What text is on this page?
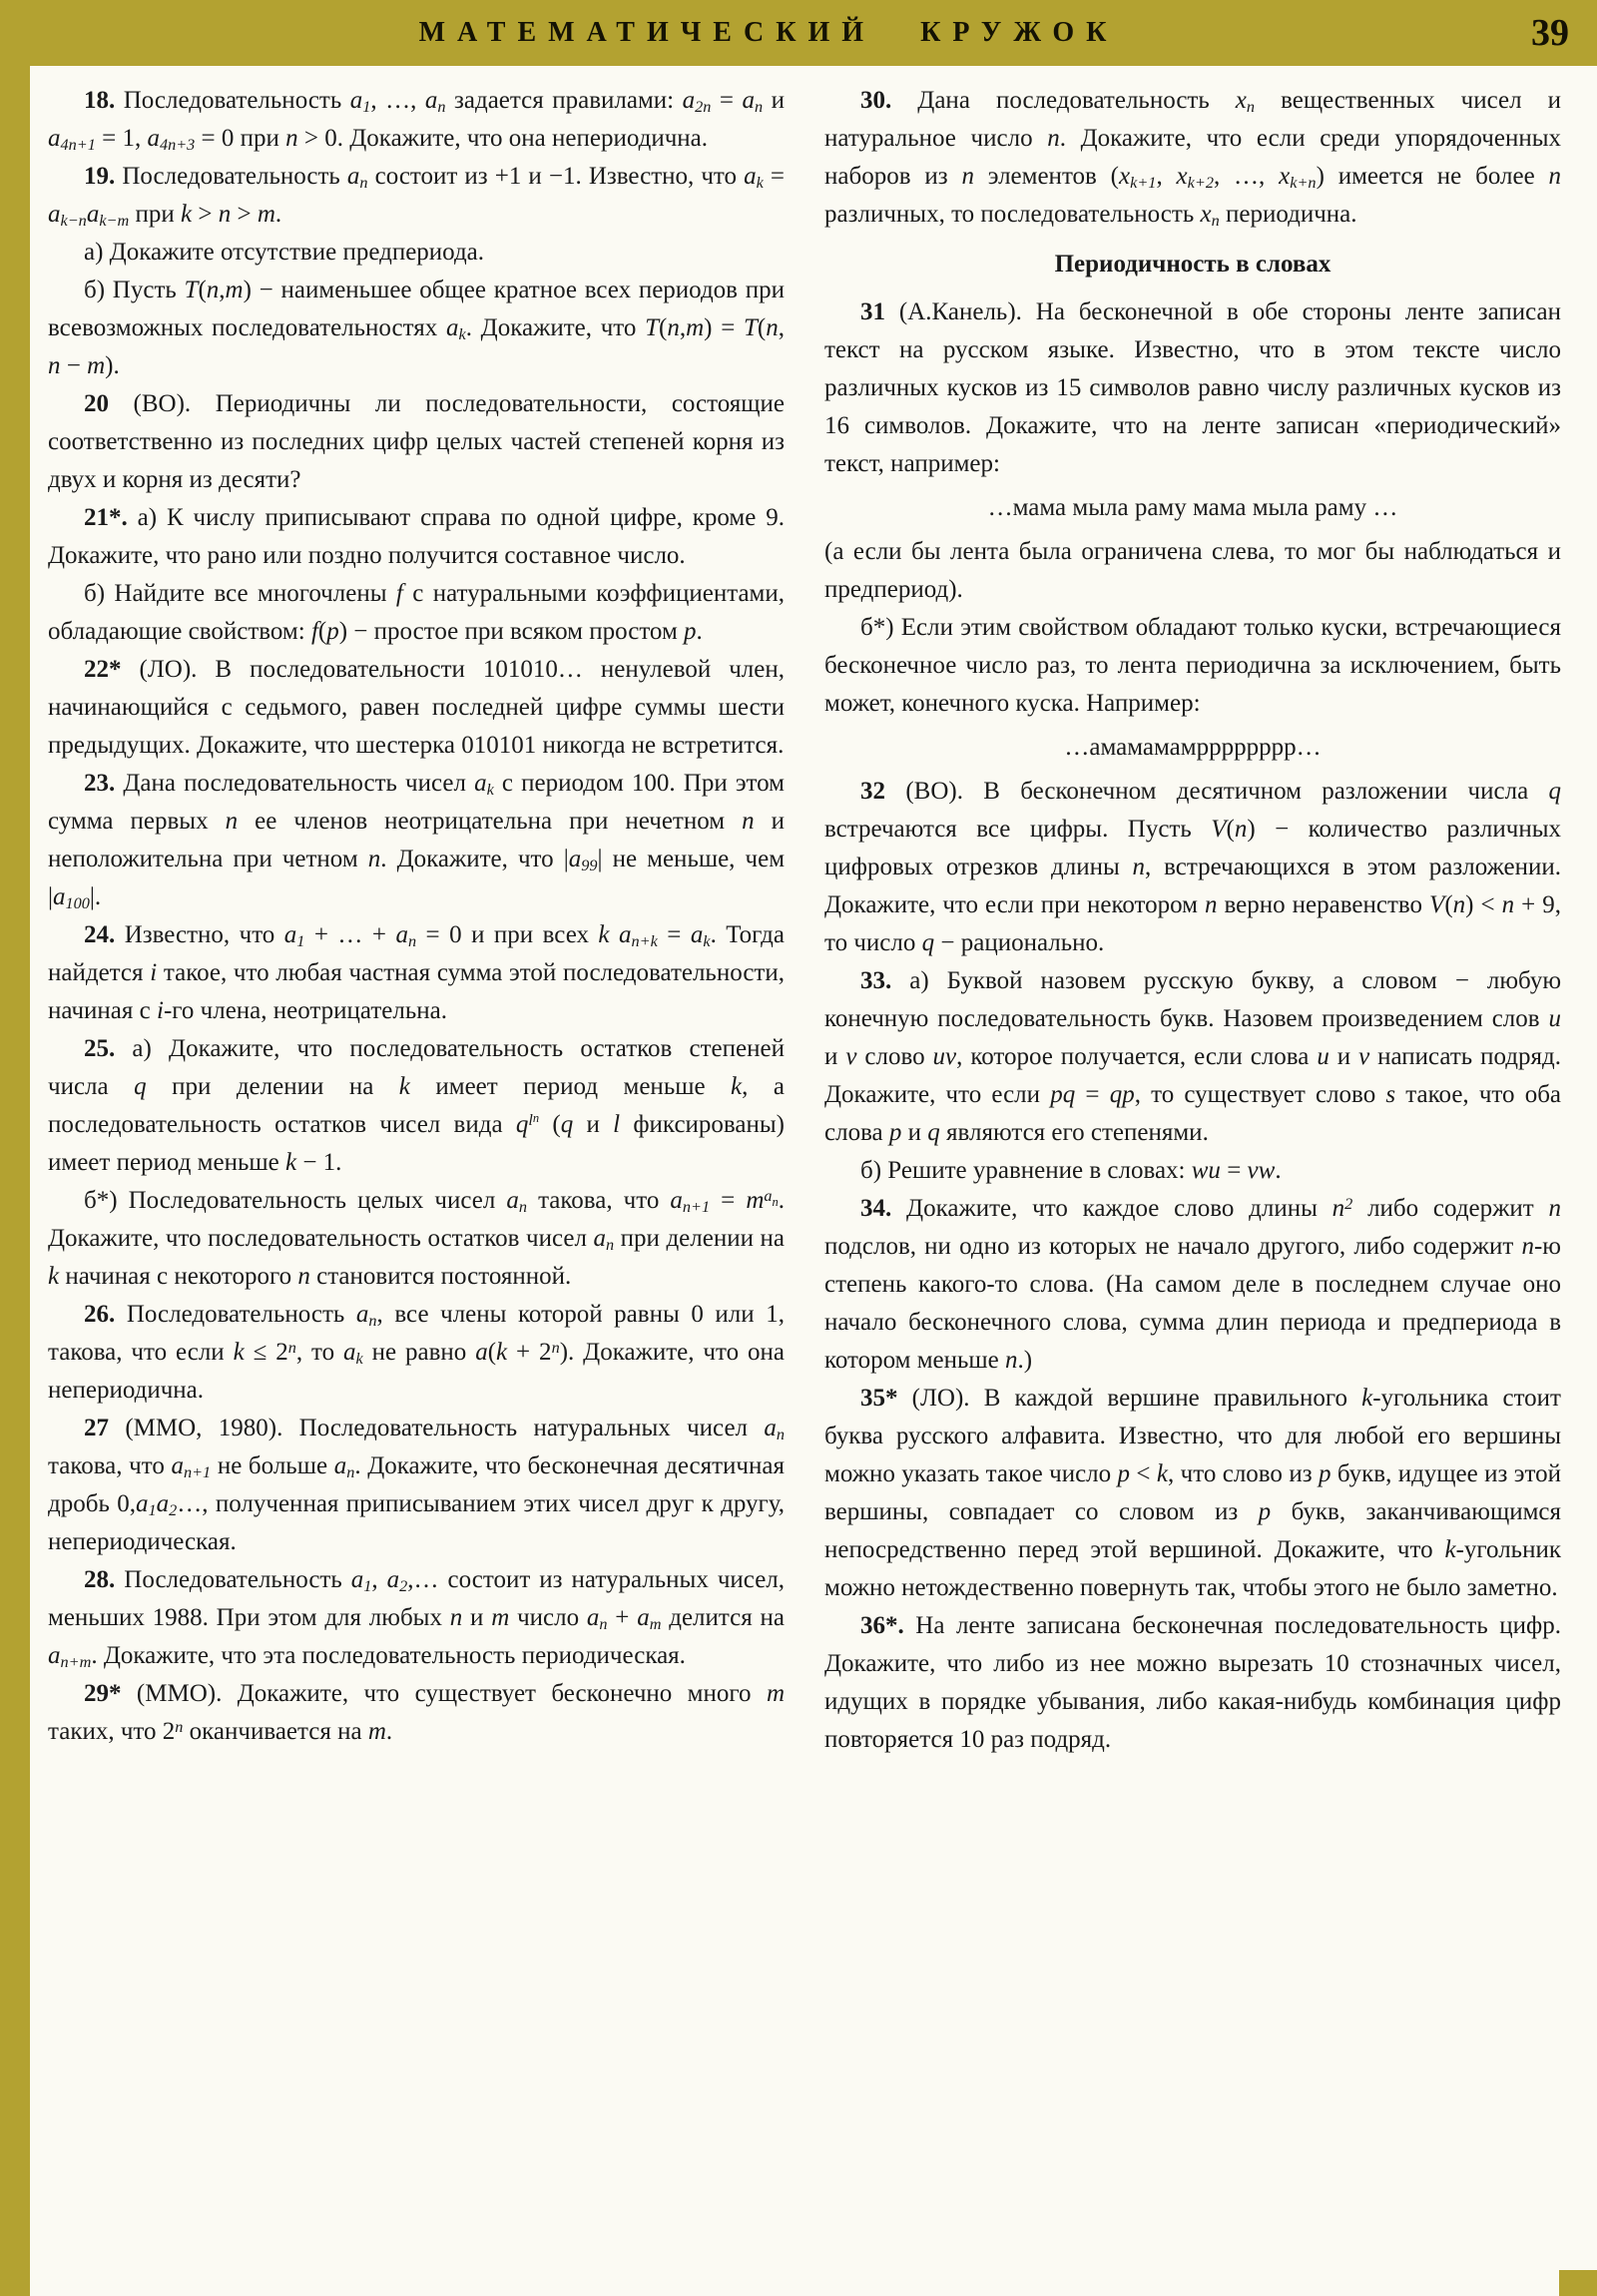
МАТЕМАТИЧЕСКИЙ КРУЖОК	39
18. Последовательность a1, …, an задается правилами: a2n = an и a4n+1 = 1, a4n+3 = 0 при n > 0. Докажите, что она непериодична.
19. Последовательность an состоит из +1 и −1. Известно, что ak = ak−nak−m при k > n > m.
а) Докажите отсутствие предпериода.
б) Пусть T(n,m) − наименьшее общее кратное всех периодов при всевозможных последовательностях ak. Докажите, что T(n,m) = T(n, n − m).
20 (ВО). Периодичны ли последовательности, состоящие соответственно из последних цифр целых частей степеней корня из двух и корня из десяти?
21*. а) К числу приписывают справа по одной цифре, кроме 9. Докажите, что рано или поздно получится составное число.
б) Найдите все многочлены f с натуральными коэффициентами, обладающие свойством: f(p) − простое при всяком простом p.
22* (ЛО). В последовательности 101010… ненулевой член, начинающийся с седьмого, равен последней цифре суммы шести предыдущих. Докажите, что шестерка 010101 никогда не встретится.
23. Дана последовательность чисел ak с периодом 100. При этом сумма первых n ее членов неотрицательна при нечетном n и неположительна при четном n. Докажите, что |a99| не меньше, чем |a100|.
24. Известно, что a1 + … + an = 0 и при всех k an+k = ak. Тогда найдется i такое, что любая частная сумма этой последовательности, начиная с i-го члена, неотрицательна.
25. а) Докажите, что последовательность остатков степеней числа q при делении на k имеет период меньше k, а последовательность остатков чисел вида $q^{ln}$ (q и l фиксированы) имеет период меньше k − 1.
б*) Последовательность целых чисел an такова, что $an+1 = m^an$. Докажите, что последовательность остатков чисел an при делении на k начиная с некоторого n становится постоянной.
26. Последовательность an, все члены которой равны 0 или 1, такова, что если $k \le 2^n$, то ak не равно $a(k + 2^n)$. Докажите, что она непериодична.
27 (ММО, 1980). Последовательность натуральных чисел an такова, что an+1 не больше an. Докажите, что бесконечная десятичная дробь 0,a1a2…, полученная приписыванием этих чисел друг к другу, непериодическая.
28. Последовательность a1, a2,… состоит из натуральных чисел, меньших 1988. При этом для любых n и m число an + am делится на an+m. Докажите, что эта последовательность периодическая.
29* (ММО). Докажите, что существует бесконечно много m таких, что 2$^n$ оканчивается на m.
30. Дана последовательность xn вещественных чисел и натуральное число n. Докажите, что если среди упорядоченных наборов из n элементов (xk+1, xk+2, …, xk+n) имеется не более n различных, то последовательность xn периодична.
Периодичность в словах
31 (А.Канель). На бесконечной в обе стороны ленте записан текст на русском языке. Известно, что в этом тексте число различных кусков из 15 символов равно числу различных кусков из 16 символов. Докажите, что на ленте записан «периодический» текст, например:
…мама мыла раму мама мыла раму …
(а если бы лента была ограничена слева, то мог бы наблюдаться и предпериод).
б*) Если этим свойством обладают только куски, встречающиеся бесконечное число раз, то лента периодична за исключением, быть может, конечного куска. Например:
…амамамамрррррррр…
32 (ВО). В бесконечном десятичном разложении числа q встречаются все цифры. Пусть V(n) − количество различных цифровых отрезков длины n, встречающихся в этом разложении. Докажите, что если при некотором n верно неравенство V(n) < n + 9, то число q − рационально.
33. а) Буквой назовем русскую букву, а словом − любую конечную последовательность букв. Назовем произведением слов u и v слово uv, которое получается, если слова u и v написать подряд. Докажите, что если pq = qp, то существует слово s такое, что оба слова p и q являются его степенями.
б) Решите уравнение в словах: wu = vw.
34. Докажите, что каждое слово длины $n^2$ либо содержит n подслов, ни одно из которых не начало другого, либо содержит n-ю степень какого-то слова. (На самом деле в последнем случае оно начало бесконечного слова, сумма длин периода и предпериода в котором меньше n.)
35* (ЛО). В каждой вершине правильного k-угольника стоит буква русского алфавита. Известно, что для любой его вершины можно указать такое число p < k, что слово из p букв, идущее из этой вершины, совпадает со словом из p букв, заканчивающимся непосредственно перед этой вершиной. Докажите, что k-угольник можно нетождественно повернуть так, чтобы этого не было заметно.
36*. На ленте записана бесконечная последовательность цифр. Докажите, что либо из нее можно вырезать 10 стозначных чисел, идущих в порядке убывания, либо какая-нибудь комбинация цифр повторяется 10 раз подряд.
